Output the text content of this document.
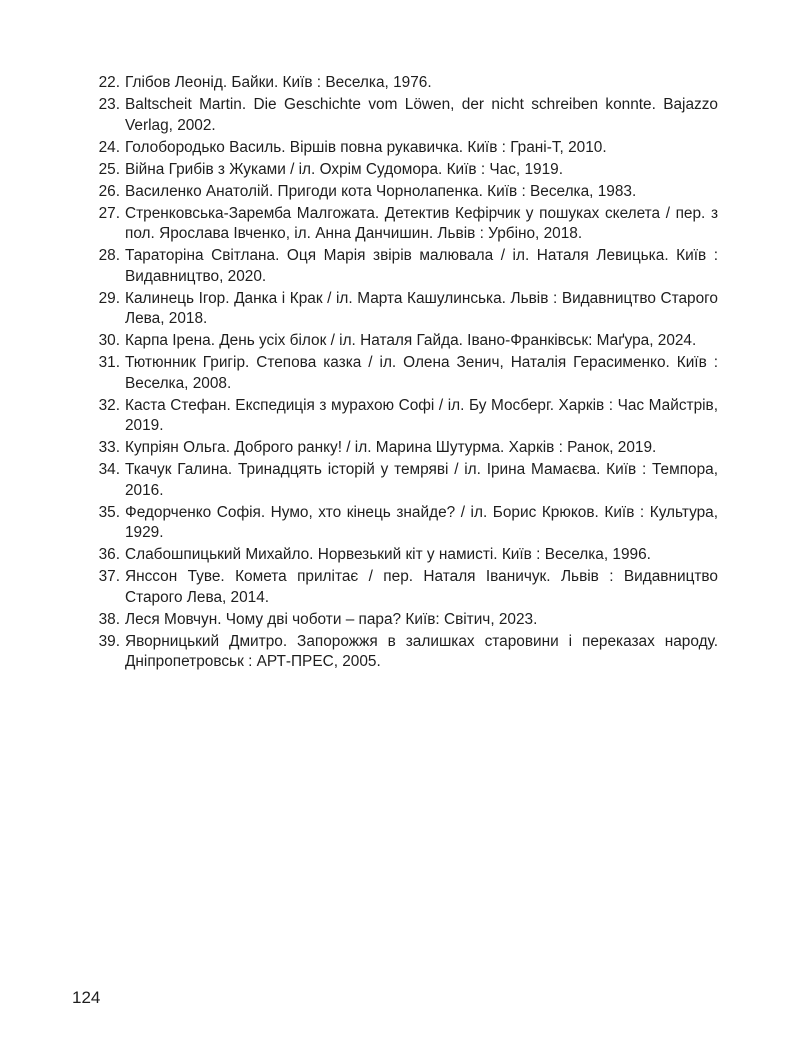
22. Глібов Леонід. Байки. Київ : Веселка, 1976.
23. Baltscheit Martin. Die Geschichte vom Löwen, der nicht schreiben konnte. Bajazzo Verlag, 2002.
24. Голобородько Василь. Віршів повна рукавичка. Київ : Грані-Т, 2010.
25. Війна Грибів з Жуками / іл. Охрім Судомора. Київ : Час, 1919.
26. Василенко Анатолій. Пригоди кота Чорнолапенка. Київ : Веселка, 1983.
27. Стренковська-Заремба Малгожата. Детектив Кефірчик у пошуках скелета / пер. з пол. Ярослава Івченко, іл. Анна Данчишин. Львів : Урбіно, 2018.
28. Тараторіна Світлана. Оця Марія звірів малювала / іл. Наталя Левицька. Київ : Видавництво, 2020.
29. Калинець Ігор. Данка і Крак / іл. Марта Кашулинська. Львів : Видавництво Старого Лева, 2018.
30. Карпа Ірена. День усіх білок / іл. Наталя Гайда. Івано-Франківськ: Маґура, 2024.
31. Тютюнник Григір. Степова казка / іл. Олена Зенич, Наталія Герасименко. Київ : Веселка, 2008.
32. Каста Стефан. Експедиція з мурахою Софі / іл. Бу Мосберг. Харків : Час Майстрів, 2019.
33. Купріян Ольга. Доброго ранку! / іл. Марина Шутурма. Харків : Ранок, 2019.
34. Ткачук Галина. Тринадцять історій у темряві / іл. Ірина Мамаєва. Київ : Темпора, 2016.
35. Федорченко Софія. Нумо, хто кінець знайде? / іл. Борис Крюков. Київ : Культура, 1929.
36. Слабошпицький Михайло. Норвезький кіт у намисті. Київ : Веселка, 1996.
37. Янссон Туве. Комета прилітає / пер. Наталя Іваничук. Львів : Видавництво Старого Лева, 2014.
38. Леся Мовчун. Чому дві чоботи – пара? Київ: Світич, 2023.
39. Яворницький Дмитро. Запорожжя в залишках старовини і переказах народу. Дніпропетровськ : АРТ-ПРЕС, 2005.
124
